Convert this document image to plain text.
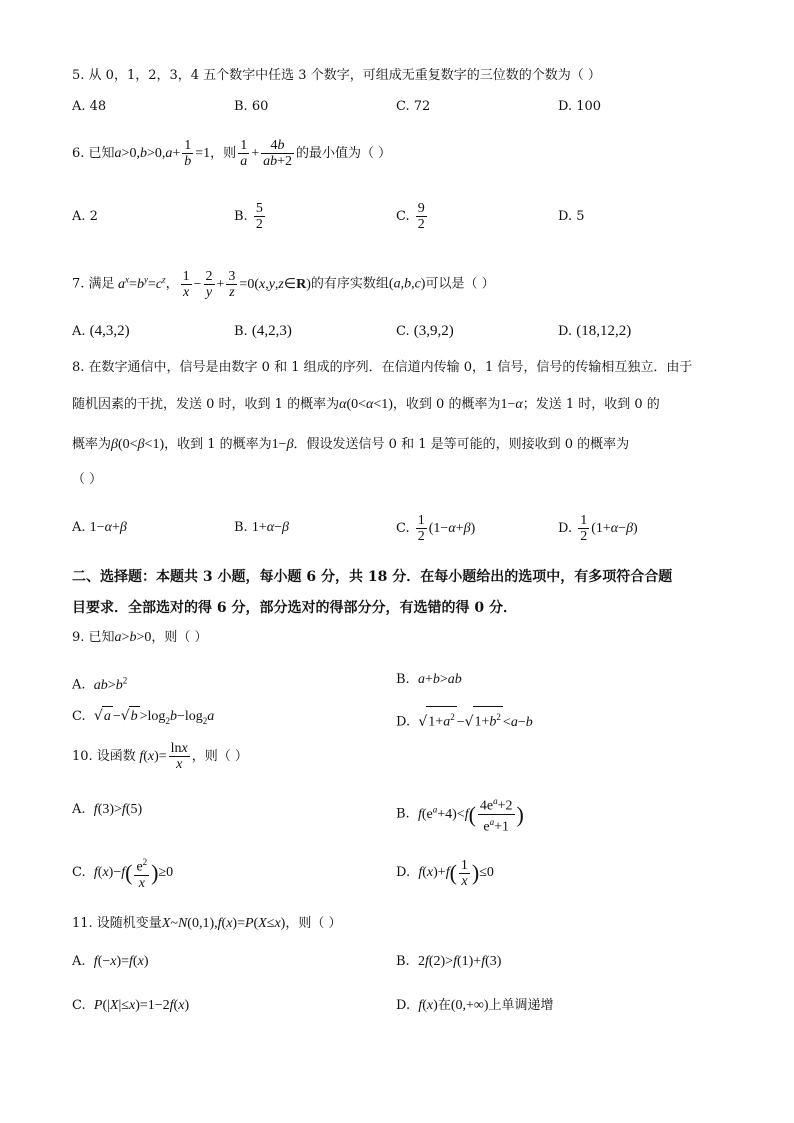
5. 从 0，1，2，3，4 五个数字中任选 3 个数字，可组成无重复数字的三位数的个数为（ ）
A. 48	B. 60	C. 72	D. 100
6. 已知$a>0,b>0,a+ \frac{1}{b} =1$，则 $\frac{1}{a} + \frac{4b}{ab+2}$ 的最小值为（ ）
A. 2	B. $\frac{5}{2}$	C. $\frac{9}{2}$	D. 5
7. 满足 $a^x=b^y=c^z$， $\frac{1}{x} - \frac{2}{y} + \frac{3}{z}$ =0(x,y,z∈R)的有序实数组(a,b,c)可以是（ ）
A. (4,3,2)	B. (4,2,3)	C. (3,9,2)	D. (18,12,2)
8. 在数字通信中，信号是由数字 0 和 1 组成的序列．在信道内传输 0，1 信号，信号的传输相互独立．由于
随机因素的干扰，发送 0 时，收到 1 的概率为α(0<α<1)，收到 0 的概率为1−α；发送 1 时，收到 0 的
概率为β(0<β<1)，收到 1 的概率为1−β．假设发送信号 0 和 1 是等可能的，则接收到 0 的概率为
（ ）
A. 1−α+β	B. 1+α−β	C. $\frac{1}{2} (1-\alpha+\beta)$	D. $\frac{1}{2} (1+\alpha-\beta)$
二、选择题：本题共 3 小题，每小题 6 分，共 18 分．在每小题给出的选项中，有多项符合合题
目要求．全部选对的得 6 分，部分选对的得部分分，有选错的得 0 分．
9. 已知a>b>0，则（ ）
A. $ab>b^2$	B. a+b>ab
C. $√a -√b >\log_2b-\log_2a$	D. $√1+a^2 -√1+b^2 <a-b$
10. 设函数 $f(x)= \frac{\ln x}{x}$ ，则（ ）
A. f(3)>f(5)	B. $f(e^a+4)<f( \frac{4e^a+2}{e^a+1}$ )
C. $f(x)-f( \frac{e^2}{x} )\ge 0$	D. $f(x)+f( \frac{1}{x} )\le 0$
11. 设随机变量X~N(0,1),f(x)=P(X≤x)，则（ ）
A. f(−x)=f(x)	B. 2f(2)>f(1)+f(3)
C. P(|X|≤x)=1−2f(x)	D. f(x)在(0,+∞)上单调递增
